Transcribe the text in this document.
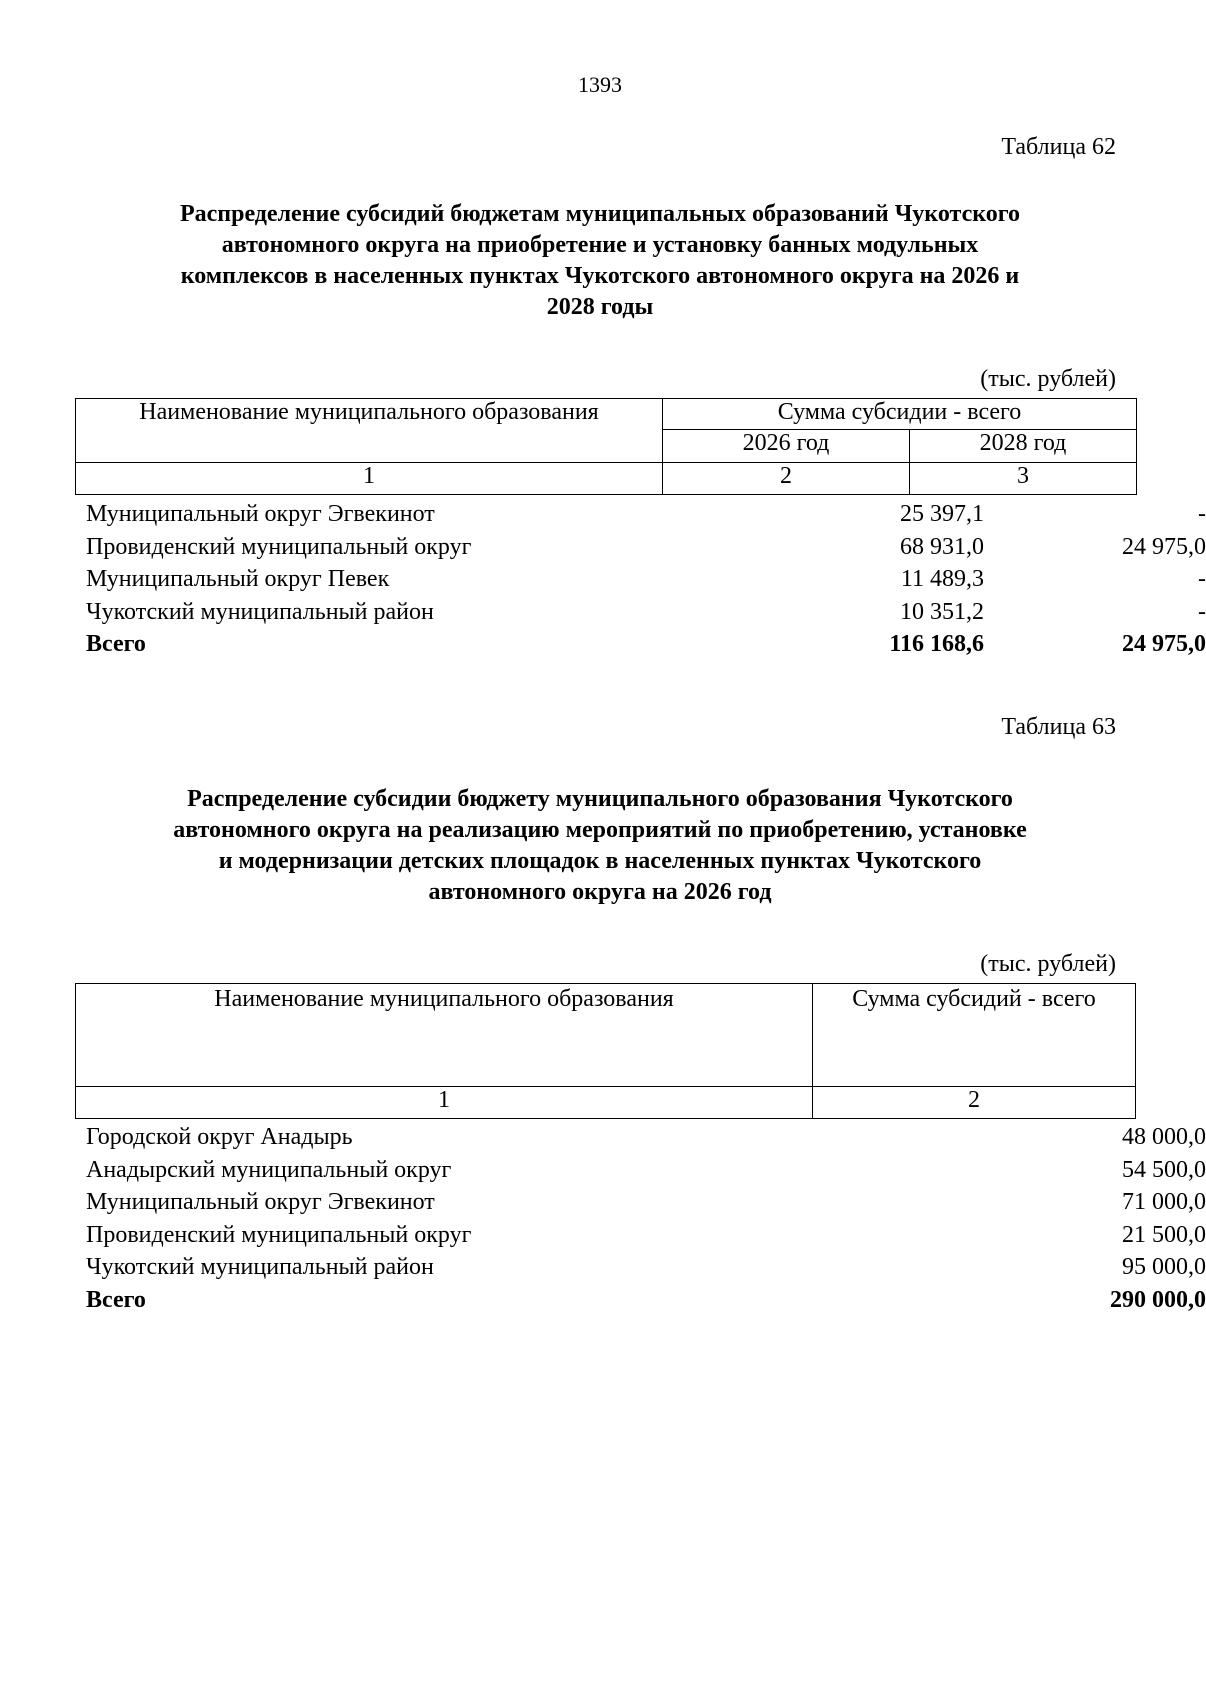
1393
Таблица 62
Распределение субсидий бюджетам муниципальных образований Чукотского
автономного округа на приобретение и установку банных модульных
комплексов в населенных пунктах Чукотского автономного округа на 2026 и
2028 годы
(тыс. рублей)
Наименование муниципального образования	Сумма субсидии - всего	
	2026 год	2028 год
1	2	3
Муниципальный округ Эгвекинот	25 397,1	-
Провиденский муниципальный округ	68 931,0	24 975,0
Муниципальный округ Певек	11 489,3	-
Чукотский муниципальный район	10 351,2	-
Всего	116 168,6	24 975,0
Таблица 63
Распределение субсидии бюджету муниципального образования Чукотского
автономного округа на реализацию мероприятий по приобретению, установке
и модернизации детских площадок в населенных пунктах Чукотского
автономного округа на 2026 год
(тыс. рублей)
Наименование муниципального образования	Сумма субсидий - всего
1	2
Городской округ Анадырь	48 000,0
Анадырский муниципальный округ	54 500,0
Муниципальный округ Эгвекинот	71 000,0
Провиденский муниципальный округ	21 500,0
Чукотский муниципальный район	95 000,0
Всего	290 000,0
